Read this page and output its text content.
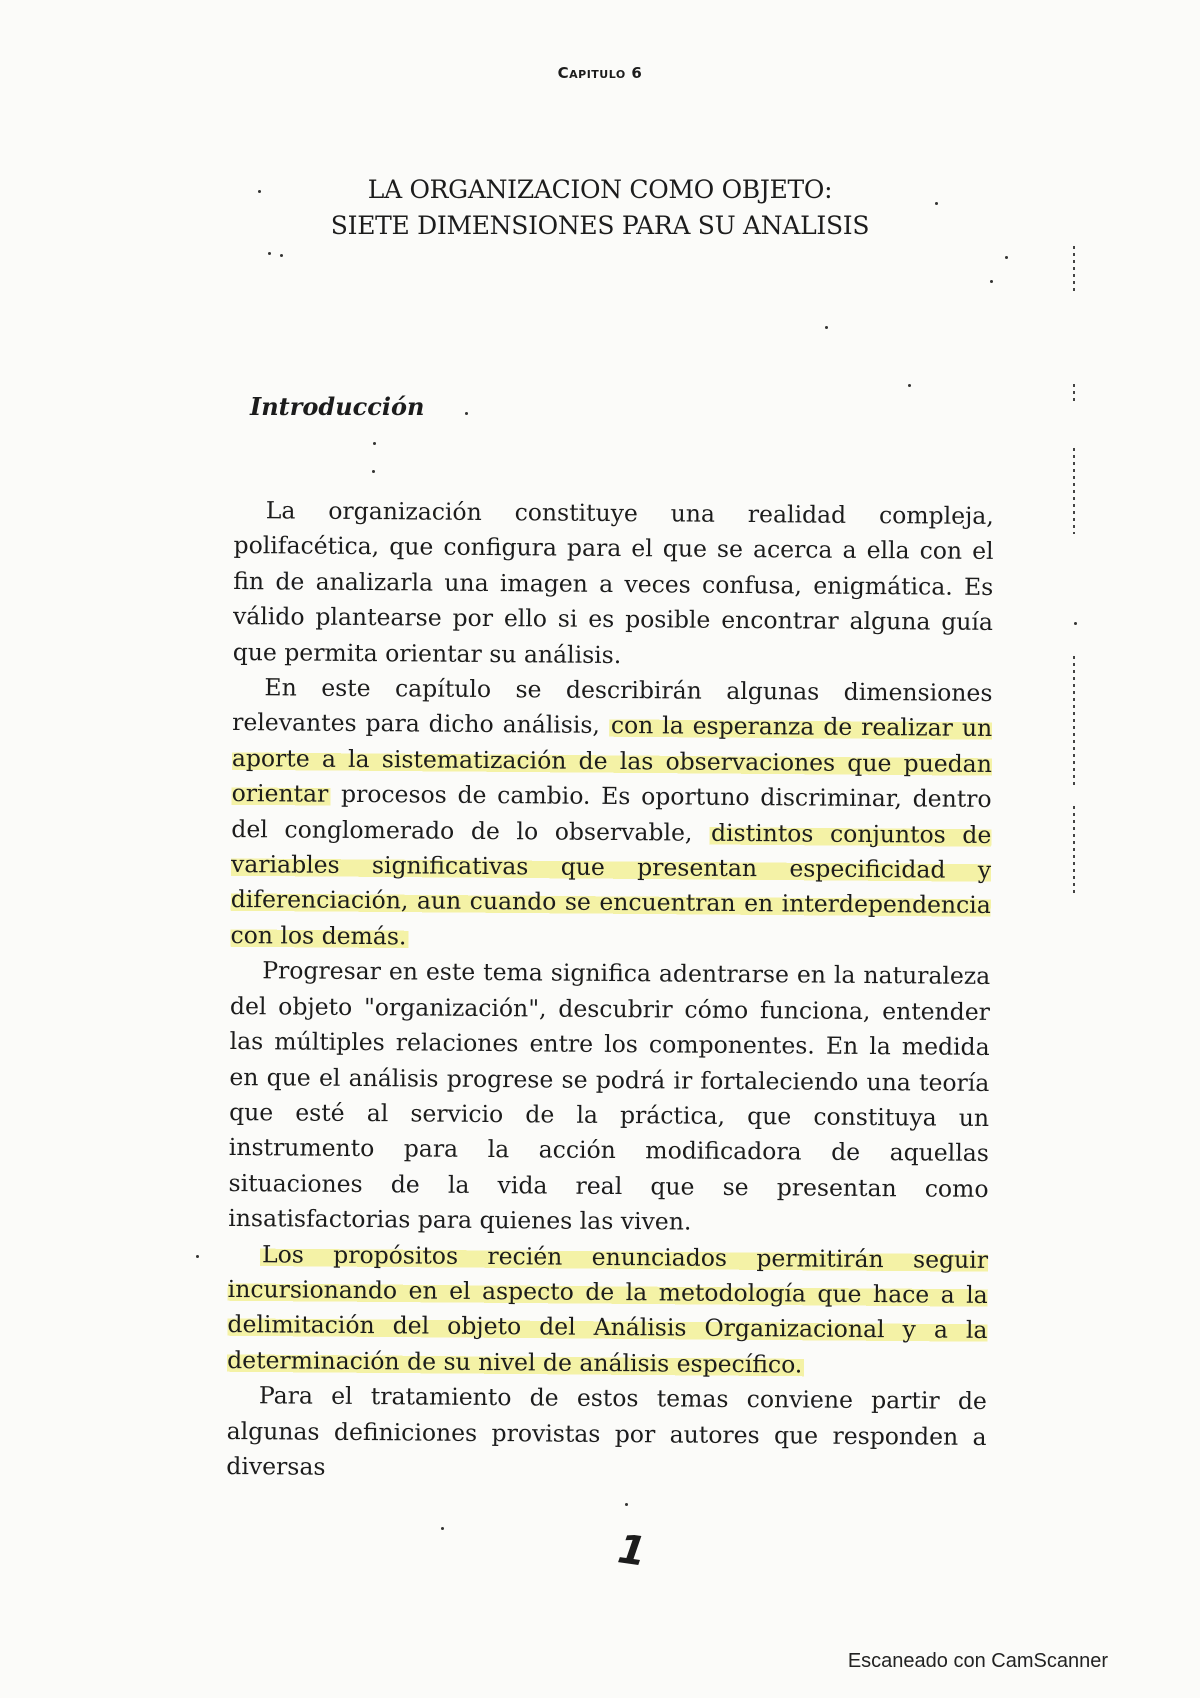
Capitulo 6
LA ORGANIZACION COMO OBJETO:
SIETE DIMENSIONES PARA SU ANALISIS
Introducción

La organización constituye una realidad compleja, polifacética, que configura para el que se acerca a ella con el fin de analizarla una imagen a veces confusa, enigmática. Es válido plantearse por ello si es posible encontrar alguna guía que permita orientar su análisis.

En este capítulo se describirán algunas dimensiones relevantes para dicho análisis, con la esperanza de realizar un aporte a la sistematización de las observaciones que puedan orientar procesos de cambio. Es oportuno discriminar, dentro del conglomerado de lo observable, distintos conjuntos de variables significativas que presentan especificidad y diferenciación, aun cuando se encuentran en interdependencia con los demás.

Progresar en este tema significa adentrarse en la naturaleza del objeto "organización", descubrir cómo funciona, entender las múltiples relaciones entre los componentes. En la medida en que el análisis progrese se podrá ir fortaleciendo una teoría que esté al servicio de la práctica, que constituya un instrumento para la acción modificadora de aquellas situaciones de la vida real que se presentan como insatisfactorias para quienes las viven.

Los propósitos recién enunciados permitirán seguir incursionando en el aspecto de la metodología que hace a la delimitación del objeto del Análisis Organizacional y a la determinación de su nivel de análisis específico.

Para el tratamiento de estos temas conviene partir de algunas definiciones provistas por autores que responden a diversas

1
Escaneado con CamScanner
